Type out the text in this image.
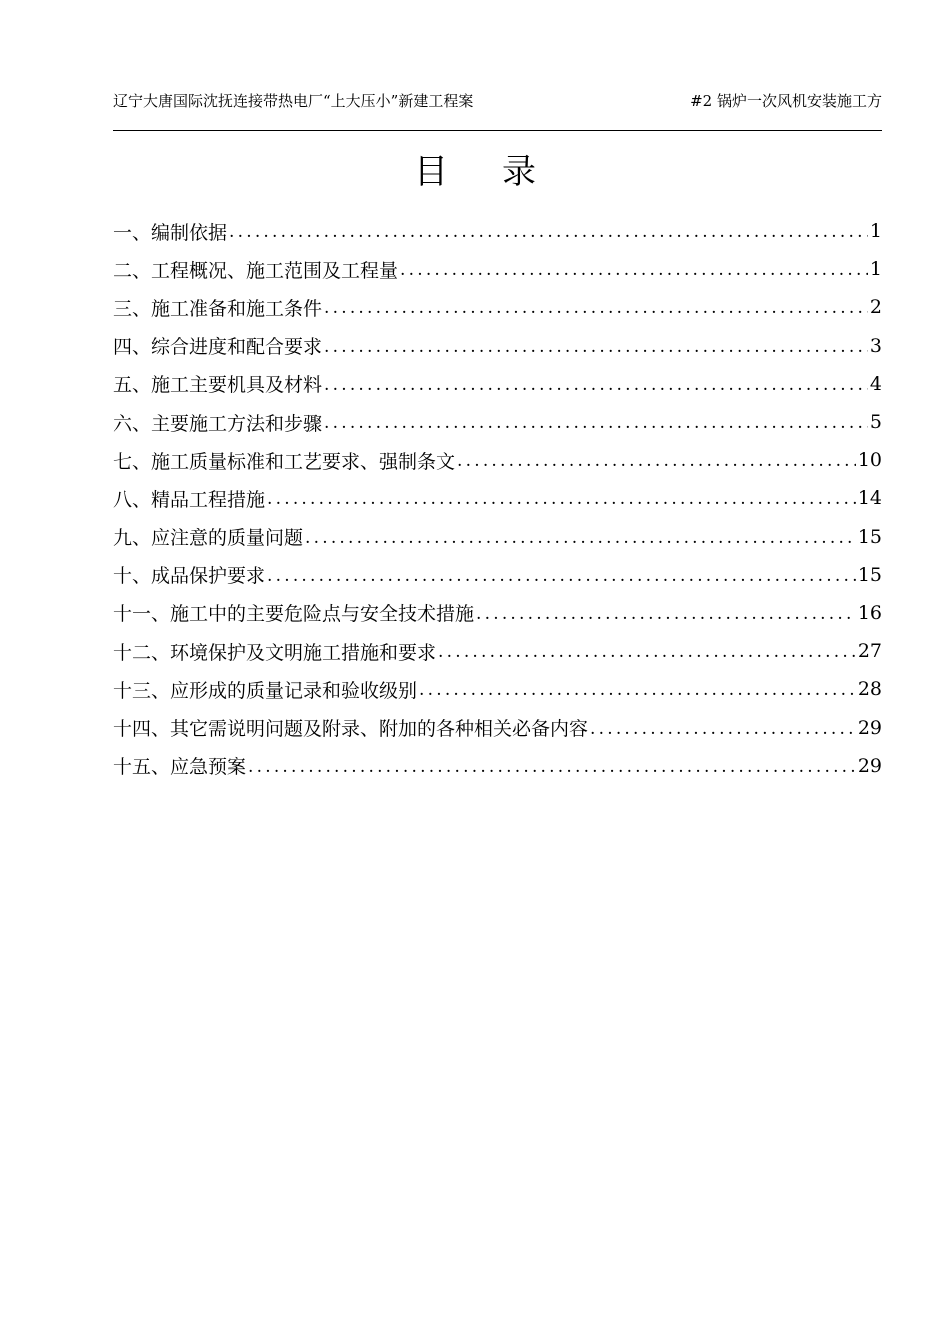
辽宁大唐国际沈抚连接带热电厂“上大压小”新建工程案	#2 锅炉一次风机安装施工方
目 录
一、编制依据 .....	1
二、工程概况、施工范围及工程量 .....	1
三、施工准备和施工条件 .....	2
四、综合进度和配合要求 .....	3
五、施工主要机具及材料 .....	4
六、主要施工方法和步骤 .....	5
七、施工质量标准和工艺要求、强制条文 .....	10
八、精品工程措施 .....	14
九、应注意的质量问题 .....	15
十、成品保护要求 .....	15
十一、施工中的主要危险点与安全技术措施 .....	16
十二、环境保护及文明施工措施和要求 .....	27
十三、应形成的质量记录和验收级别 .....	28
十四、其它需说明问题及附录、附加的各种相关必备内容 .....	29
十五、应急预案 .....	29
